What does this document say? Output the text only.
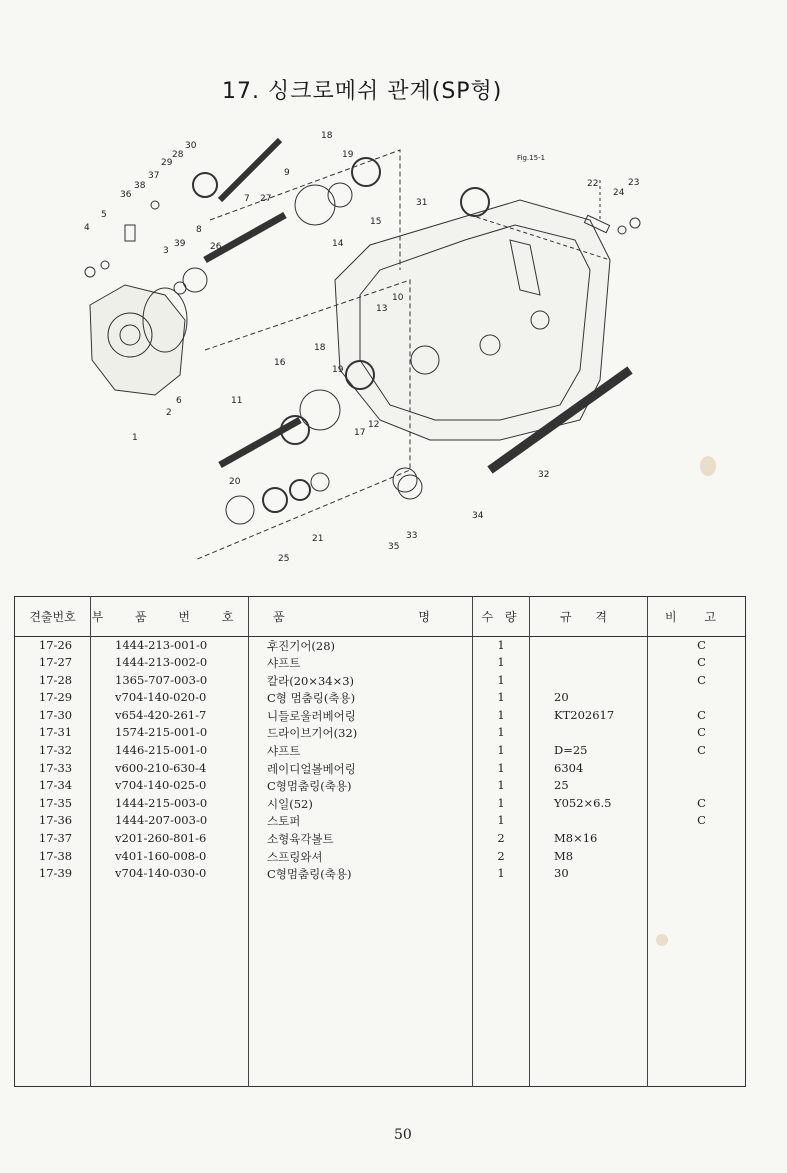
17. 싱크로메쉬 관계(SP형)
1
2
3
4
5
6
7
8
9
10
11
12
13
14
15
16
17
18
18
19
19
20
21
22	23
24
25
26
27
28
29
30
31
32
33
34
35
36
37
38
39
Fig.15-1
견출번호	부 품 번 호	품 명	수 량	규 격	비 고
17-26	1444-213-001-0	후진기어(28)	1		C
17-27	1444-213-002-0	샤프트	1		C
17-28	1365-707-003-0	칼라(20×34×3)	1		C
17-29	v704-140-020-0	C형 멈춤링(축용)	1	20	
17-30	v654-420-261-7	니들로울러베어링	1	KT202617	C
17-31	1574-215-001-0	드라이브기어(32)	1		C
17-32	1446-215-001-0	샤프트	1	D=25	C
17-33	v600-210-630-4	레이디얼볼베어링	1	6304	
17-34	v704-140-025-0	C형멈춤링(축용)	1	25	
17-35	1444-215-003-0	시일(52)	1	Y052×6.5	C
17-36	1444-207-003-0	스토퍼	1		C
17-37	v201-260-801-6	소형육각볼트	2	M8×16	
17-38	v401-160-008-0	스프링와셔	2	M8	
17-39	v704-140-030-0	C형멈춤링(축용)	1	30	

50
